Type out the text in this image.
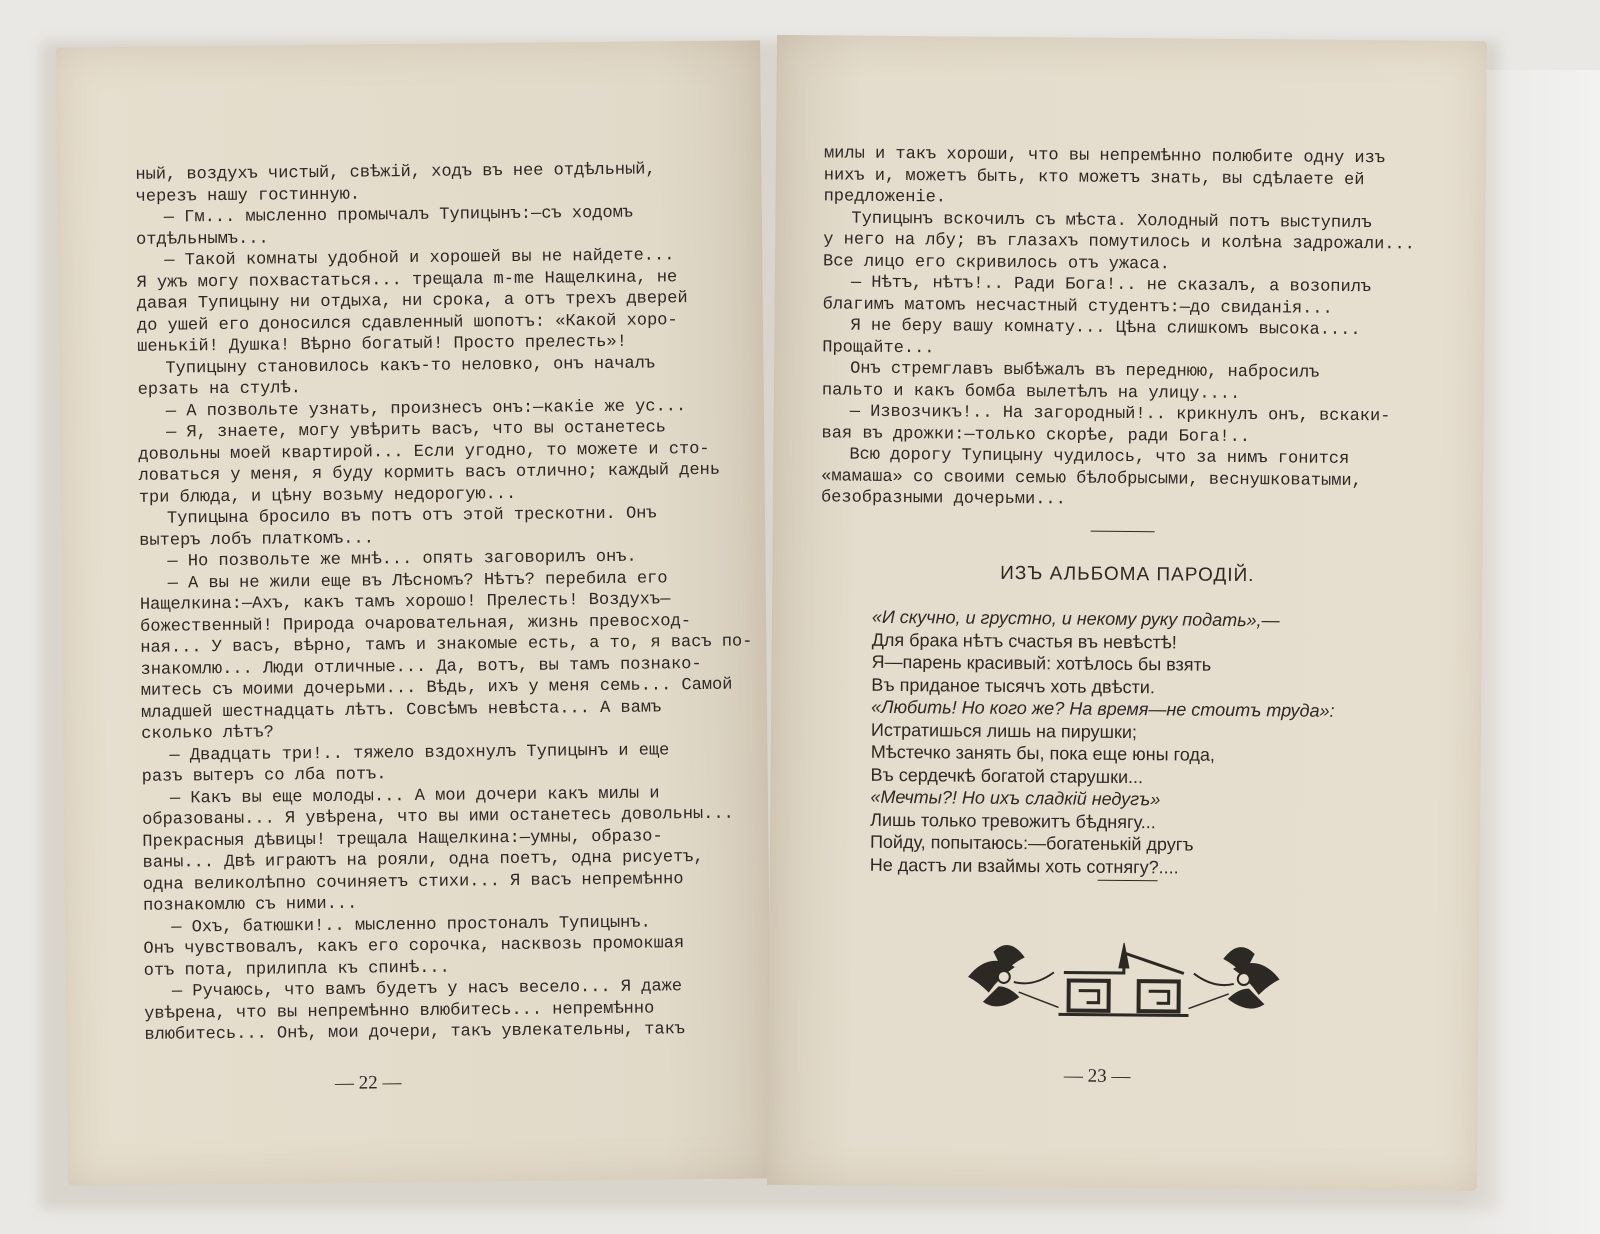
ный, воздухъ чистый, свѣжій, ходъ въ нее отдѣльный,

черезъ нашу гостинную.

— Гм... мысленно промычалъ Тупицынъ:—съ ходомъ

отдѣльнымъ...

— Такой комнаты удобной и хорошей вы не найдете...

Я ужъ могу похвастаться... трещала m-me Нащелкина, не

давая Тупицыну ни отдыха, ни срока, а отъ трехъ дверей

до ушей его доносился сдавленный шопотъ: «Какой хоро-

шенькій! Душка! Вѣрно богатый! Просто прелесть»!

Тупицыну становилось какъ-то неловко, онъ началъ

ерзать на стулѣ.

— А позвольте узнать, произнесъ онъ:—какіе же ус...

— Я, знаете, могу увѣрить васъ, что вы останетесь

довольны моей квартирой... Если угодно, то можете и сто-

ловаться у меня, я буду кормить васъ отлично; каждый день

три блюда, и цѣну возьму недорогую...

Тупицына бросило въ потъ отъ этой трескотни. Онъ

вытеръ лобъ платкомъ...

— Но позвольте же мнѣ... опять заговорилъ онъ.

— А вы не жили еще въ Лѣсномъ? Нѣтъ? перебила его

Нащелкина:—Ахъ, какъ тамъ хорошо! Прелесть! Воздухъ—

божественный! Природа очаровательная, жизнь превосход-

ная... У васъ, вѣрно, тамъ и знакомые есть, а то, я васъ по-

знакомлю... Люди отличные... Да, вотъ, вы тамъ познако-

митесь съ моими дочерьми... Вѣдь, ихъ у меня семь... Самой

младшей шестнадцать лѣтъ. Совсѣмъ невѣста... А вамъ

сколько лѣтъ?

— Двадцать три!.. тяжело вздохнулъ Тупицынъ и еще

разъ вытеръ со лба потъ.

— Какъ вы еще молоды... А мои дочери какъ милы и

образованы... Я увѣрена, что вы ими останетесь довольны...

Прекрасныя дѣвицы! трещала Нащелкина:—умны, образо-

ваны... Двѣ играютъ на рояли, одна поетъ, одна рисуетъ,

одна великолѣпно сочиняетъ стихи... Я васъ непремѣнно

познакомлю съ ними...

— Охъ, батюшки!.. мысленно простоналъ Тупицынъ.

Онъ чувствовалъ, какъ его сорочка, насквозь промокшая

отъ пота, прилипла къ спинѣ...

— Ручаюсь, что вамъ будетъ у насъ весело... Я даже

увѣрена, что вы непремѣнно влюбитесь... непремѣнно

влюбитесь... Онѣ, мои дочери, такъ увлекательны, такъ

— 22 —

милы и такъ хороши, что вы непремѣнно полюбите одну изъ

нихъ и, можетъ быть, кто можетъ знать, вы сдѣлаете ей

предложеніе.

Тупицынъ вскочилъ съ мѣста. Холодный потъ выступилъ

у него на лбу; въ глазахъ помутилось и колѣна задрожали...

Все лицо его скривилось отъ ужаса.

— Нѣтъ, нѣтъ!.. Ради Бога!.. не сказалъ, а возопилъ

благимъ матомъ несчастный студентъ:—до свиданія...

Я не беру вашу комнату... Цѣна слишкомъ высока....

Прощайте...

Онъ стремглавъ выбѣжалъ въ переднюю, набросилъ

пальто и какъ бомба вылетѣлъ на улицу....

— Извозчикъ!.. На загородный!.. крикнулъ онъ, вскаки-

вая въ дрожки:—только скорѣе, ради Бога!..

Всю дорогу Тупицыну чудилось, что за нимъ гонится

«мамаша» со своими семью бѣлобрысыми, веснушковатыми,

безобразными дочерьми...

ИЗЪ АЛЬБОМА ПАРОДІЙ.

«И скучно, и грустно, и некому руку подать»,—

Для брака нѣтъ счастья въ невѣстѣ!

Я—парень красивый: хотѣлось бы взять

Въ приданое тысячъ хоть двѣсти.

«Любить! Но кого же? На время—не стоитъ труда»:

Истратишься лишь на пирушки;

Мѣстечко занять бы, пока еще юны года,

Въ сердечкѣ богатой старушки...

«Мечты?! Но ихъ сладкій недугъ»

Лишь только тревожитъ бѣднягу...

Пойду, попытаюсь:—богатенькій другъ

Не дастъ ли взаймы хоть сотнягу?....

— 23 —
